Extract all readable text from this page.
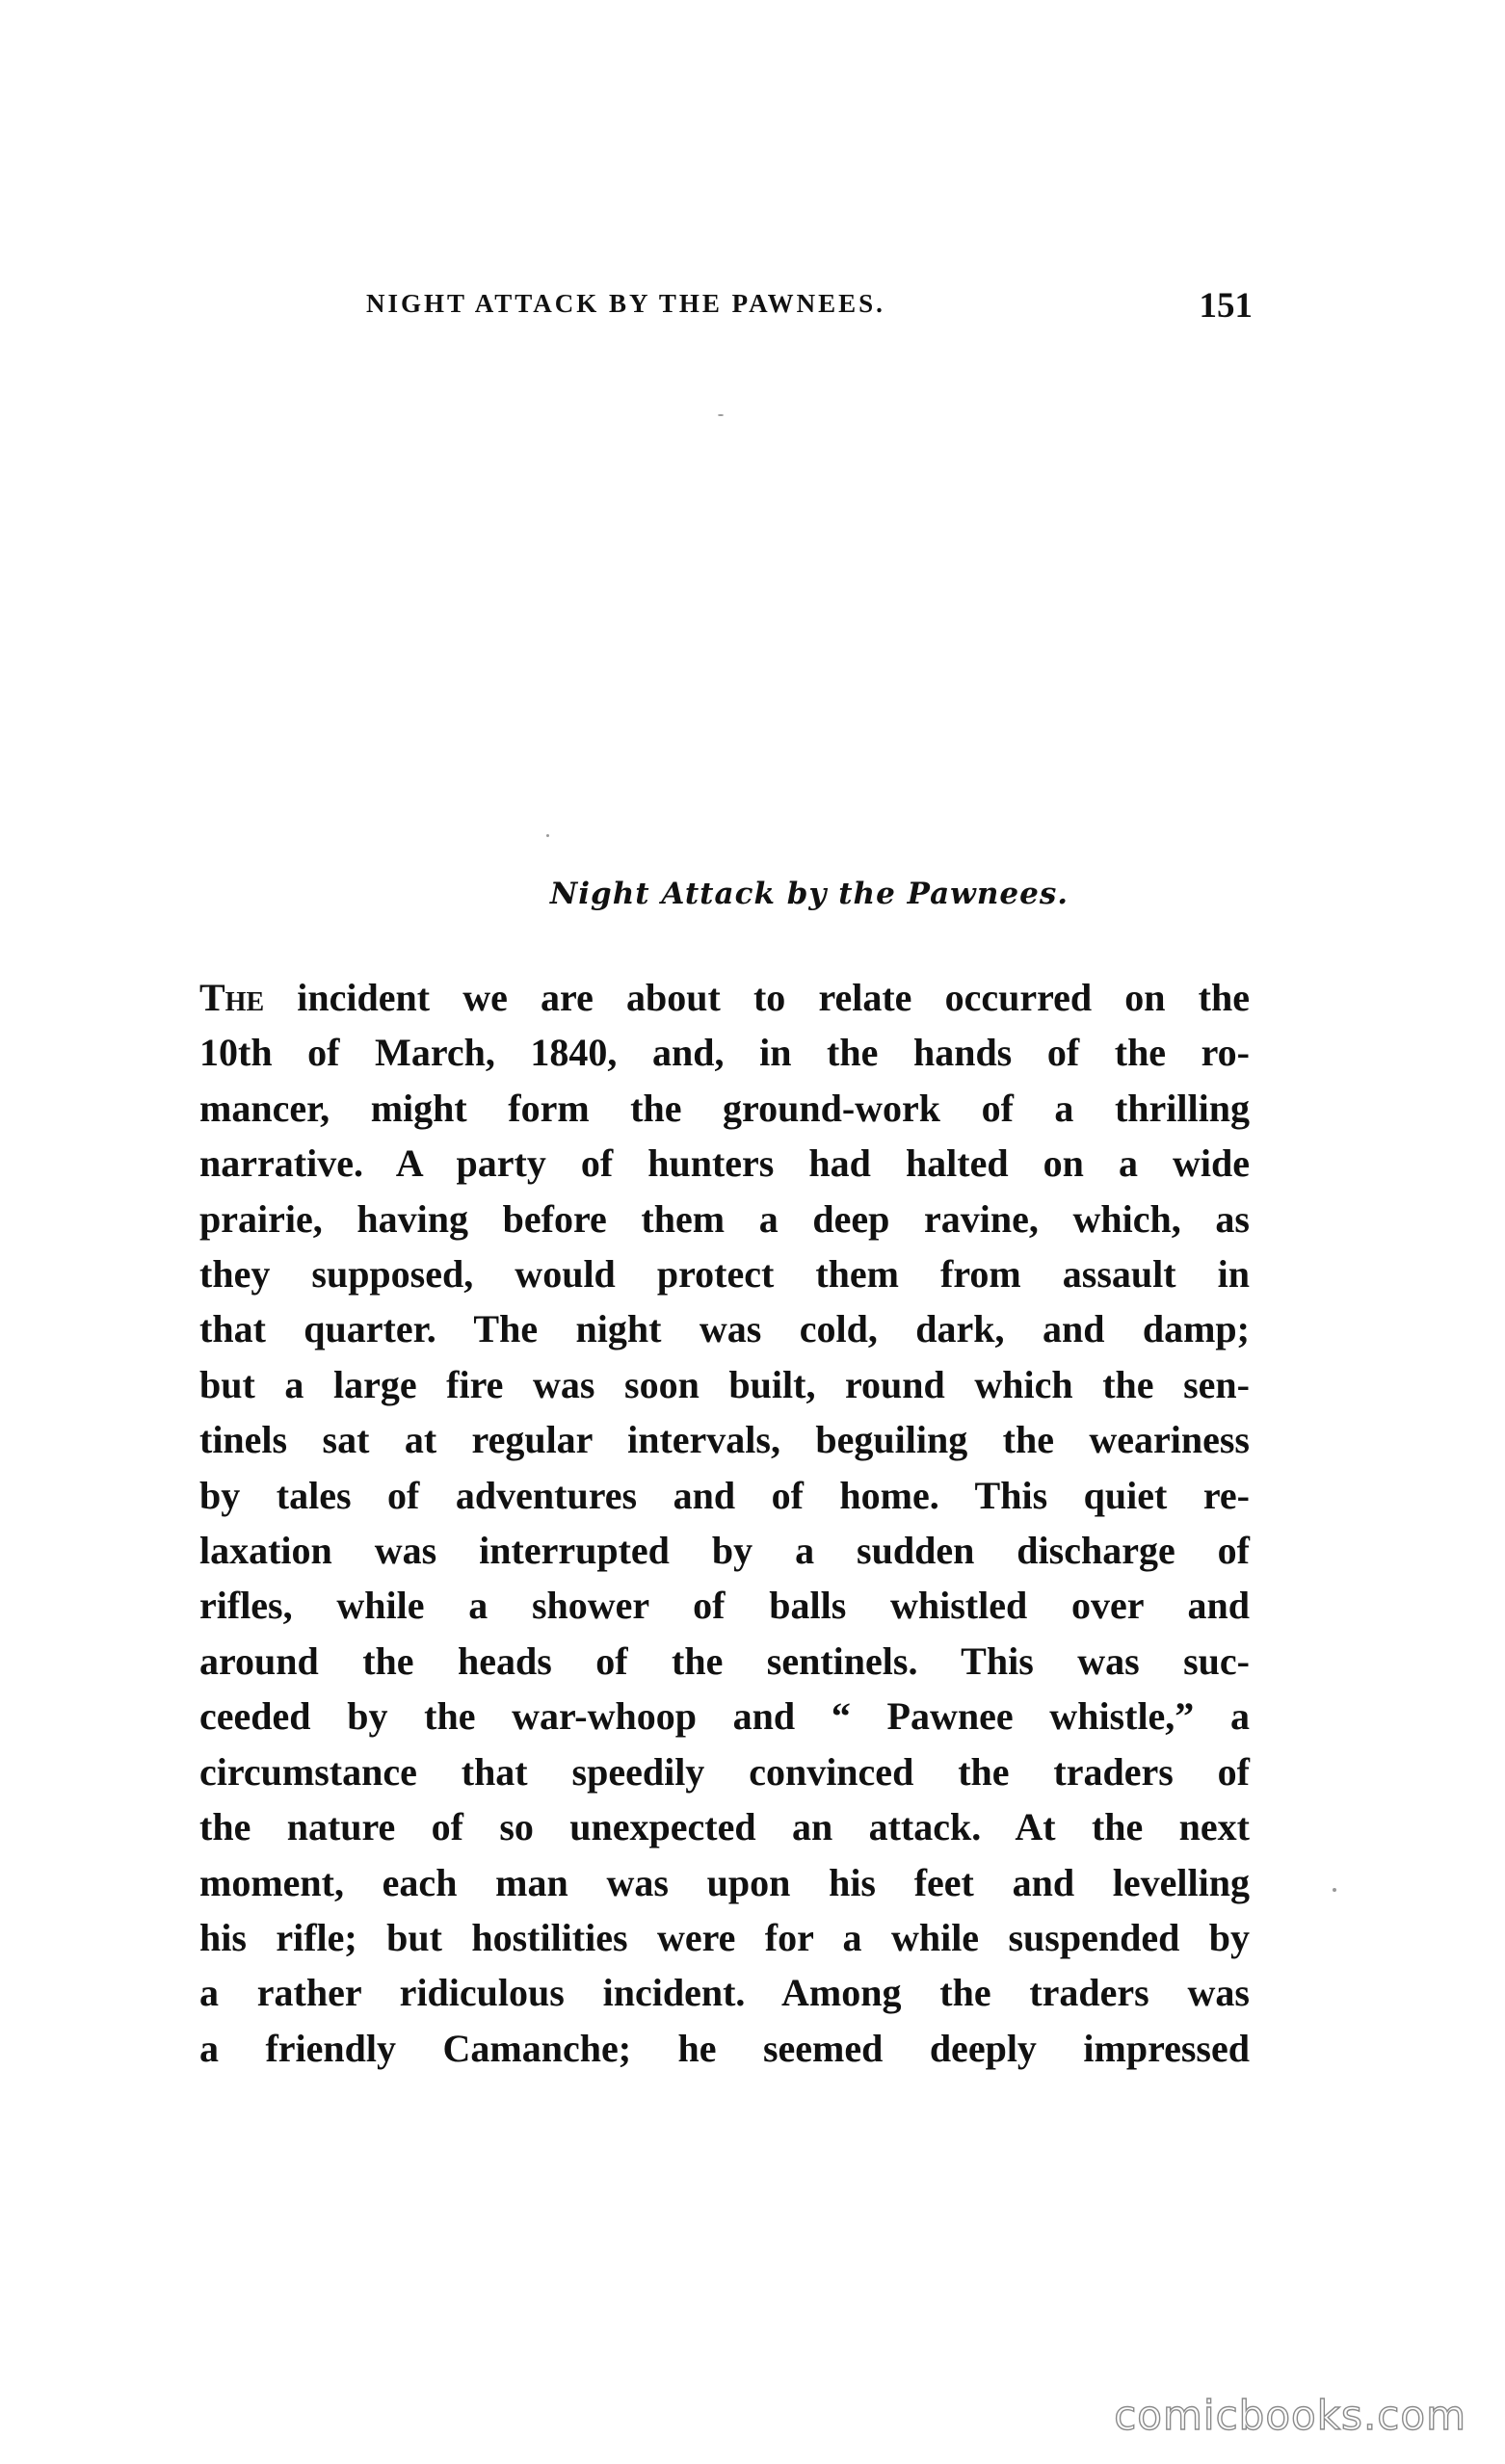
NIGHT ATTACK BY THE PAWNEES.	151
Night Attack by the Pawnees.
The incident we are about to relate occurred on the
10th of March, 1840, and, in the hands of the ro-
mancer, might form the ground-work of a thrilling
narrative. A party of hunters had halted on a wide
prairie, having before them a deep ravine, which, as
they supposed, would protect them from assault in
that quarter. The night was cold, dark, and damp;
but a large fire was soon built, round which the sen-
tinels sat at regular intervals, beguiling the weariness
by tales of adventures and of home. This quiet re-
laxation was interrupted by a sudden discharge of
rifles, while a shower of balls whistled over and
around the heads of the sentinels. This was suc-
ceeded by the war-whoop and “ Pawnee whistle,” a
circumstance that speedily convinced the traders of
the nature of so unexpected an attack. At the next
moment, each man was upon his feet and levelling
his rifle; but hostilities were for a while suspended by
a rather ridiculous incident. Among the traders was
a friendly Camanche; he seemed deeply impressed
comicbooks.com
